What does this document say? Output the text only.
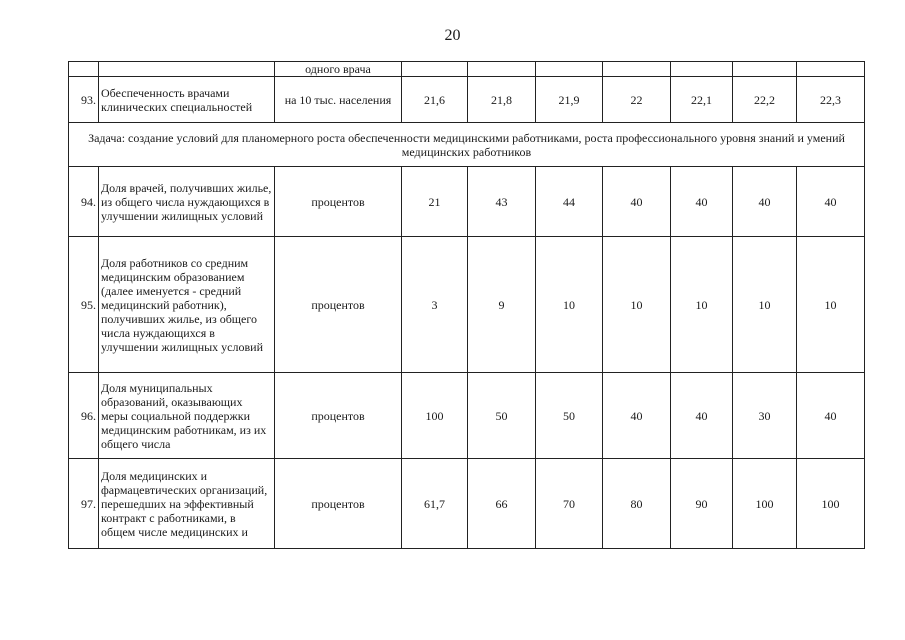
20
		одного врача							
93.	Обеспеченность врачами клинических специальностей	на 10 тыс. населения	21,6	21,8	21,9	22	22,1	22,2	22,3
Задача: создание условий для планомерного роста обеспеченности медицинскими работниками, роста профессионального уровня знаний и умений медицинских работников									
94.	Доля врачей, получивших жилье, из общего числа нуждающихся в улучшении жилищных условий	процентов	21	43	44	40	40	40	40
95.	Доля работников со средним медицинским образованием (далее именуется - средний медицинский работник), получивших жилье, из общего числа нуждающихся в улучшении жилищных условий	процентов	3	9	10	10	10	10	10
96.	Доля муниципальных образований, оказывающих меры социальной поддержки медицинским работникам, из их общего числа	процентов	100	50	50	40	40	30	40
97.	Доля медицинских и фармацевтических организаций, перешедших на эффективный контракт с работниками, в общем числе медицинских и	процентов	61,7	66	70	80	90	100	100
